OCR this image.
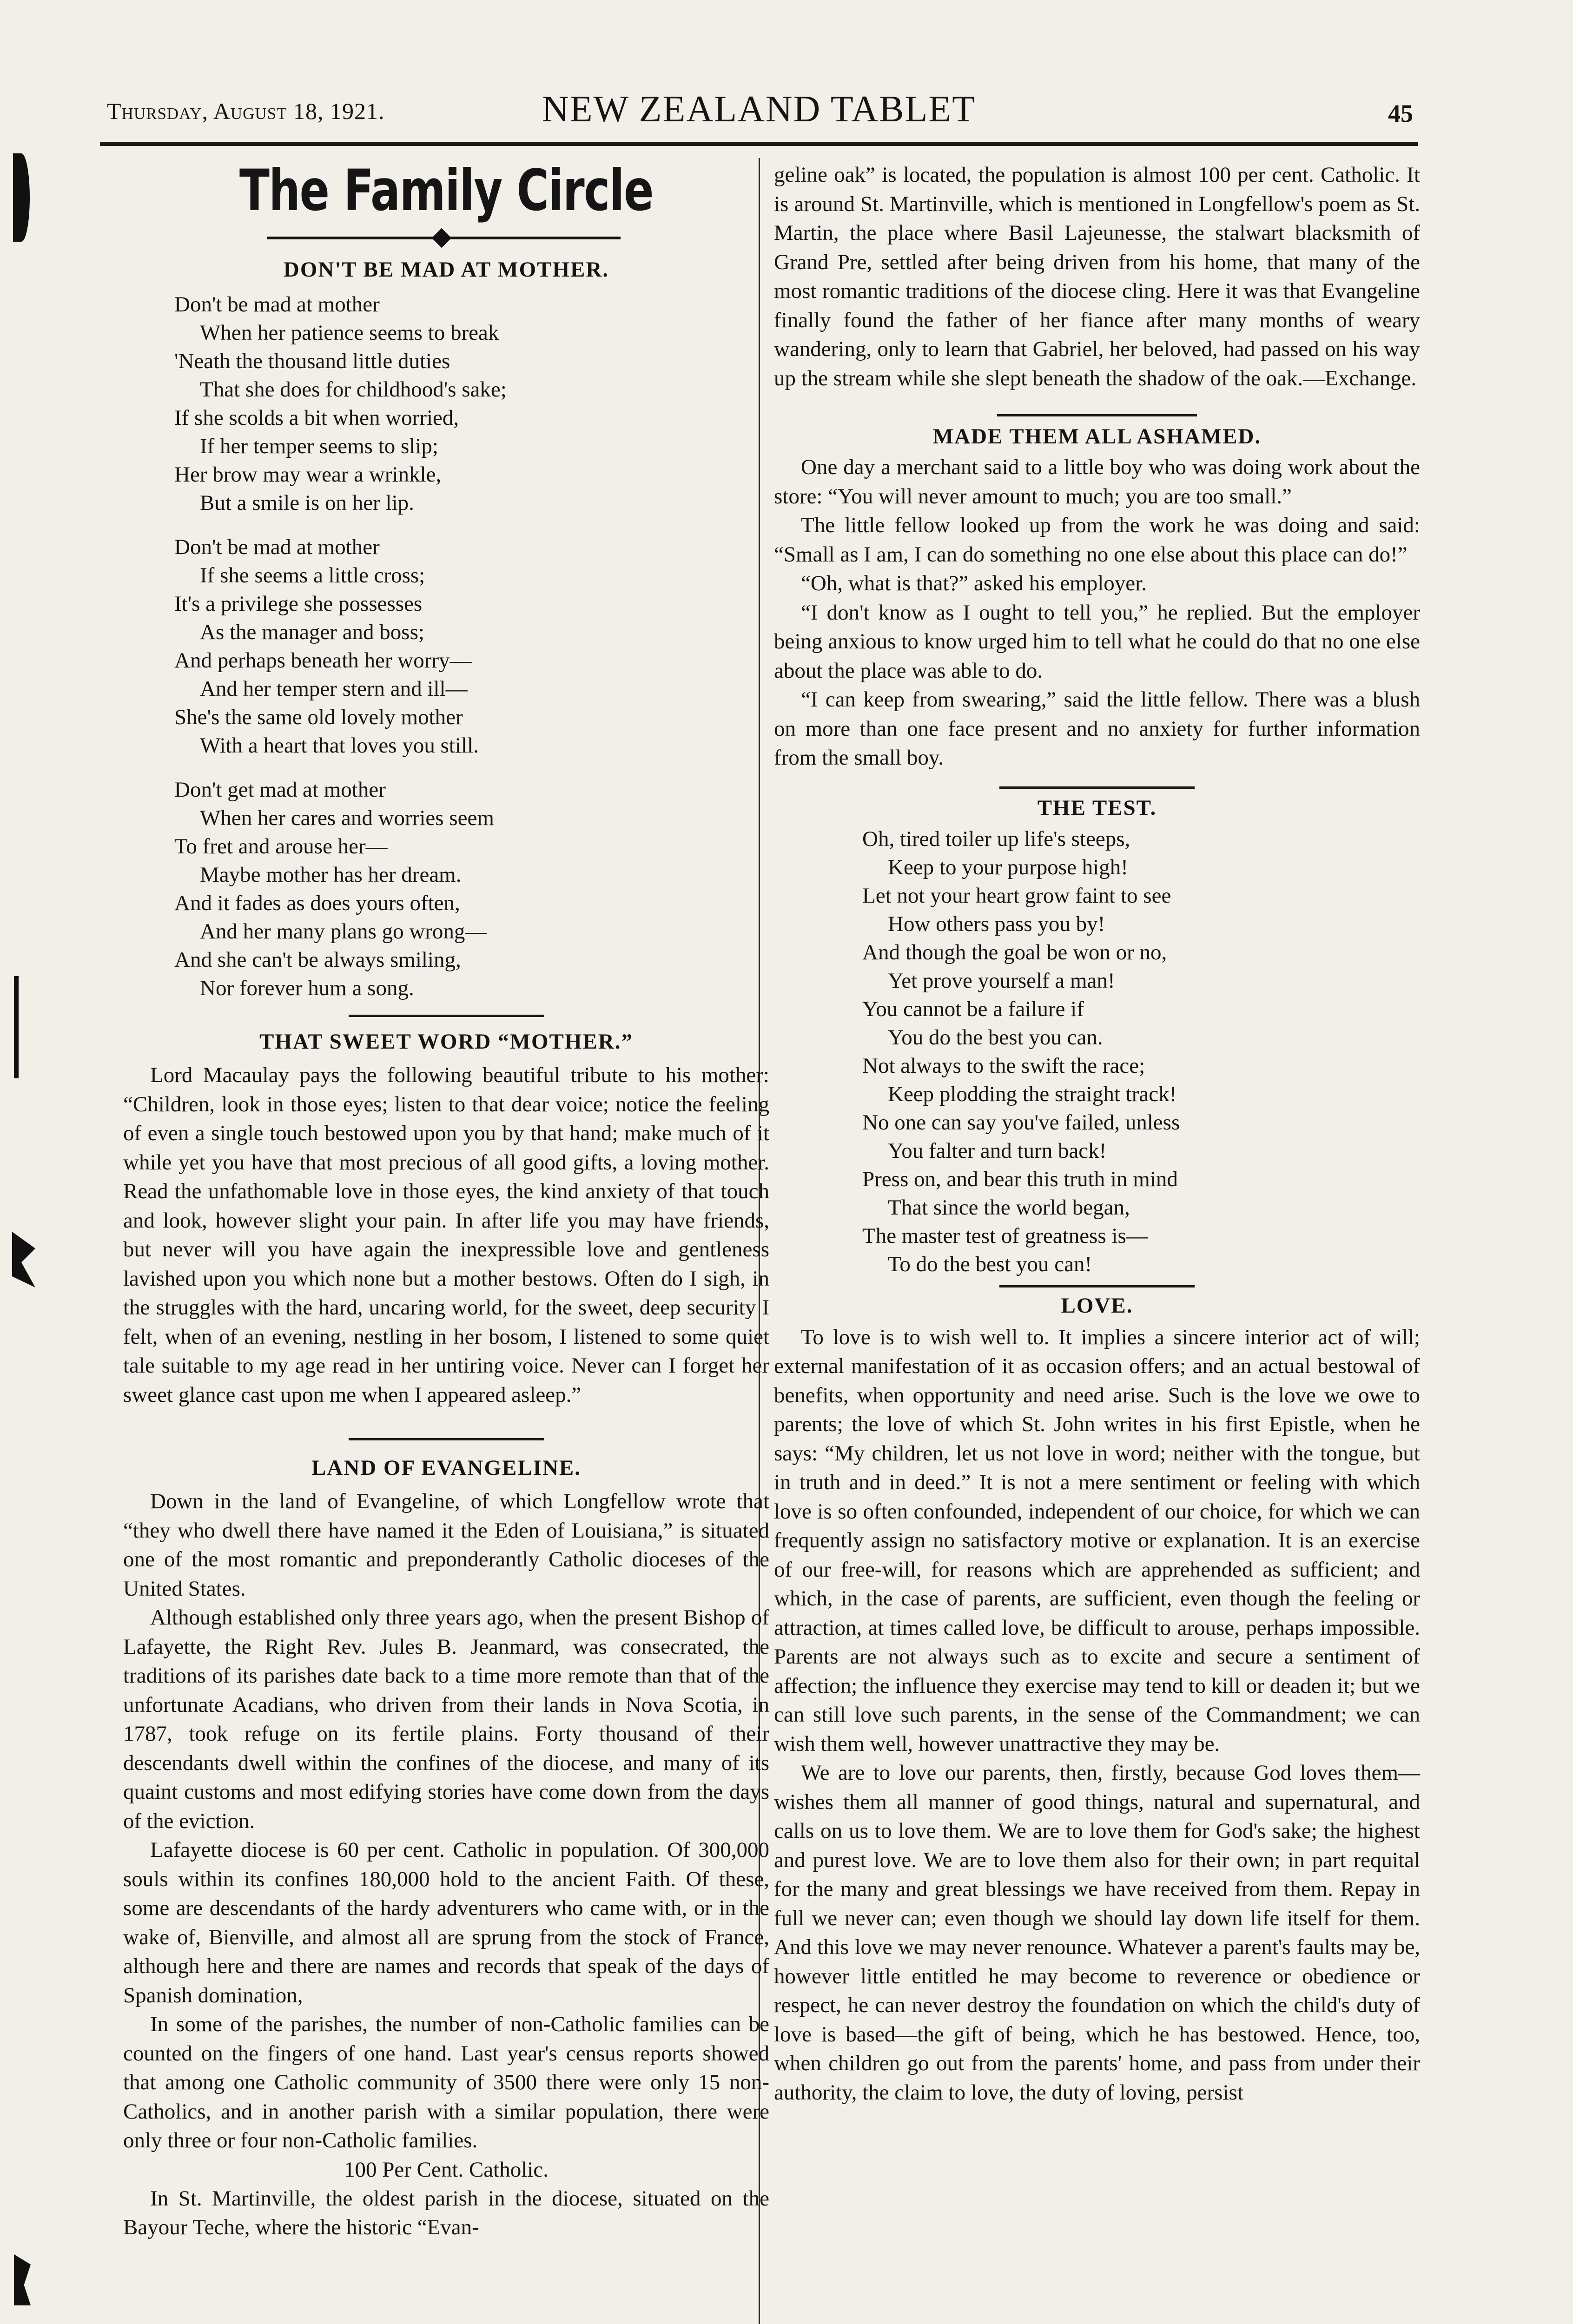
Thursday, August 18, 1921.	NEW ZEALAND TABLET	45
The Family Circle
DON'T BE MAD AT MOTHER.
Don't be mad at mother
When her patience seems to break
'Neath the thousand little duties
That she does for childhood's sake;
If she scolds a bit when worried,
If her temper seems to slip;
Her brow may wear a wrinkle,
But a smile is on her lip.
Don't be mad at mother
If she seems a little cross;
It's a privilege she possesses
As the manager and boss;
And perhaps beneath her worry—
And her temper stern and ill—
She's the same old lovely mother
With a heart that loves you still.
Don't get mad at mother
When her cares and worries seem
To fret and arouse her—
Maybe mother has her dream.
And it fades as does yours often,
And her many plans go wrong—
And she can't be always smiling,
Nor forever hum a song.
THAT SWEET WORD “MOTHER.”

Lord Macaulay pays the following beautiful tribute to his mother: “Children, look in those eyes; listen to that dear voice; notice the feeling of even a single touch bestowed upon you by that hand; make much of it while yet you have that most precious of all good gifts, a loving mother. Read the unfathomable love in those eyes, the kind anxiety of that touch and look, however slight your pain. In after life you may have friends, but never will you have again the inexpressible love and gentleness lavished upon you which none but a mother bestows. Often do I sigh, in the struggles with the hard, uncaring world, for the sweet, deep security I felt, when of an evening, nestling in her bosom, I listened to some quiet tale suitable to my age read in her untiring voice. Never can I forget her sweet glance cast upon me when I appeared asleep.”

LAND OF EVANGELINE.

Down in the land of Evangeline, of which Longfellow wrote that “they who dwell there have named it the Eden of Louisiana,” is situated one of the most romantic and preponderantly Catholic dioceses of the United States.

Although established only three years ago, when the present Bishop of Lafayette, the Right Rev. Jules B. Jeanmard, was consecrated, the traditions of its parishes date back to a time more remote than that of the unfortunate Acadians, who driven from their lands in Nova Scotia, in 1787, took refuge on its fertile plains. Forty thousand of their descendants dwell within the confines of the diocese, and many of its quaint customs and most edifying stories have come down from the days of the eviction.

Lafayette diocese is 60 per cent. Catholic in population. Of 300,000 souls within its confines 180,000 hold to the ancient Faith. Of these, some are descendants of the hardy adventurers who came with, or in the wake of, Bienville, and almost all are sprung from the stock of France, although here and there are names and records that speak of the days of Spanish domination,

In some of the parishes, the number of non-Catholic families can be counted on the fingers of one hand. Last year's census reports showed that among one Catholic community of 3500 there were only 15 non-Catholics, and in another parish with a similar population, there were only three or four non-Catholic families.

100 Per Cent. Catholic.

In St. Martinville, the oldest parish in the diocese, situated on the Bayour Teche, where the historic “Evan-

geline oak” is located, the population is almost 100 per cent. Catholic. It is around St. Martinville, which is mentioned in Longfellow's poem as St. Martin, the place where Basil Lajeunesse, the stalwart blacksmith of Grand Pre, settled after being driven from his home, that many of the most romantic traditions of the diocese cling. Here it was that Evangeline finally found the father of her fiance after many months of weary wandering, only to learn that Gabriel, her beloved, had passed on his way up the stream while she slept beneath the shadow of the oak.—Exchange.

MADE THEM ALL ASHAMED.

One day a merchant said to a little boy who was doing work about the store: “You will never amount to much; you are too small.”

The little fellow looked up from the work he was doing and said: “Small as I am, I can do something no one else about this place can do!”

“Oh, what is that?” asked his employer.

“I don't know as I ought to tell you,” he replied. But the employer being anxious to know urged him to tell what he could do that no one else about the place was able to do.

“I can keep from swearing,” said the little fellow. There was a blush on more than one face present and no anxiety for further information from the small boy.

THE TEST.
Oh, tired toiler up life's steeps,
Keep to your purpose high!
Let not your heart grow faint to see
How others pass you by!
And though the goal be won or no,
Yet prove yourself a man!
You cannot be a failure if
You do the best you can.
Not always to the swift the race;
Keep plodding the straight track!
No one can say you've failed, unless
You falter and turn back!
Press on, and bear this truth in mind
That since the world began,
The master test of greatness is—
To do the best you can!
LOVE.

To love is to wish well to. It implies a sincere interior act of will; external manifestation of it as occasion offers; and an actual bestowal of benefits, when opportunity and need arise. Such is the love we owe to parents; the love of which St. John writes in his first Epistle, when he says: “My children, let us not love in word; neither with the tongue, but in truth and in deed.” It is not a mere sentiment or feeling with which love is so often confounded, independent of our choice, for which we can frequently assign no satisfactory motive or explanation. It is an exercise of our free-will, for reasons which are apprehended as sufficient; and which, in the case of parents, are sufficient, even though the feeling or attraction, at times called love, be difficult to arouse, perhaps impossible. Parents are not always such as to excite and secure a sentiment of affection; the influence they exercise may tend to kill or deaden it; but we can still love such parents, in the sense of the Commandment; we can wish them well, however unattractive they may be.

We are to love our parents, then, firstly, because God loves them—wishes them all manner of good things, natural and supernatural, and calls on us to love them. We are to love them for God's sake; the highest and purest love. We are to love them also for their own; in part requital for the many and great blessings we have received from them. Repay in full we never can; even though we should lay down life itself for them. And this love we may never renounce. Whatever a parent's faults may be, however little entitled he may become to reverence or obedience or respect, he can never destroy the foundation on which the child's duty of love is based—the gift of being, which he has bestowed. Hence, too, when children go out from the parents' home, and pass from under their authority, the claim to love, the duty of loving, persist
